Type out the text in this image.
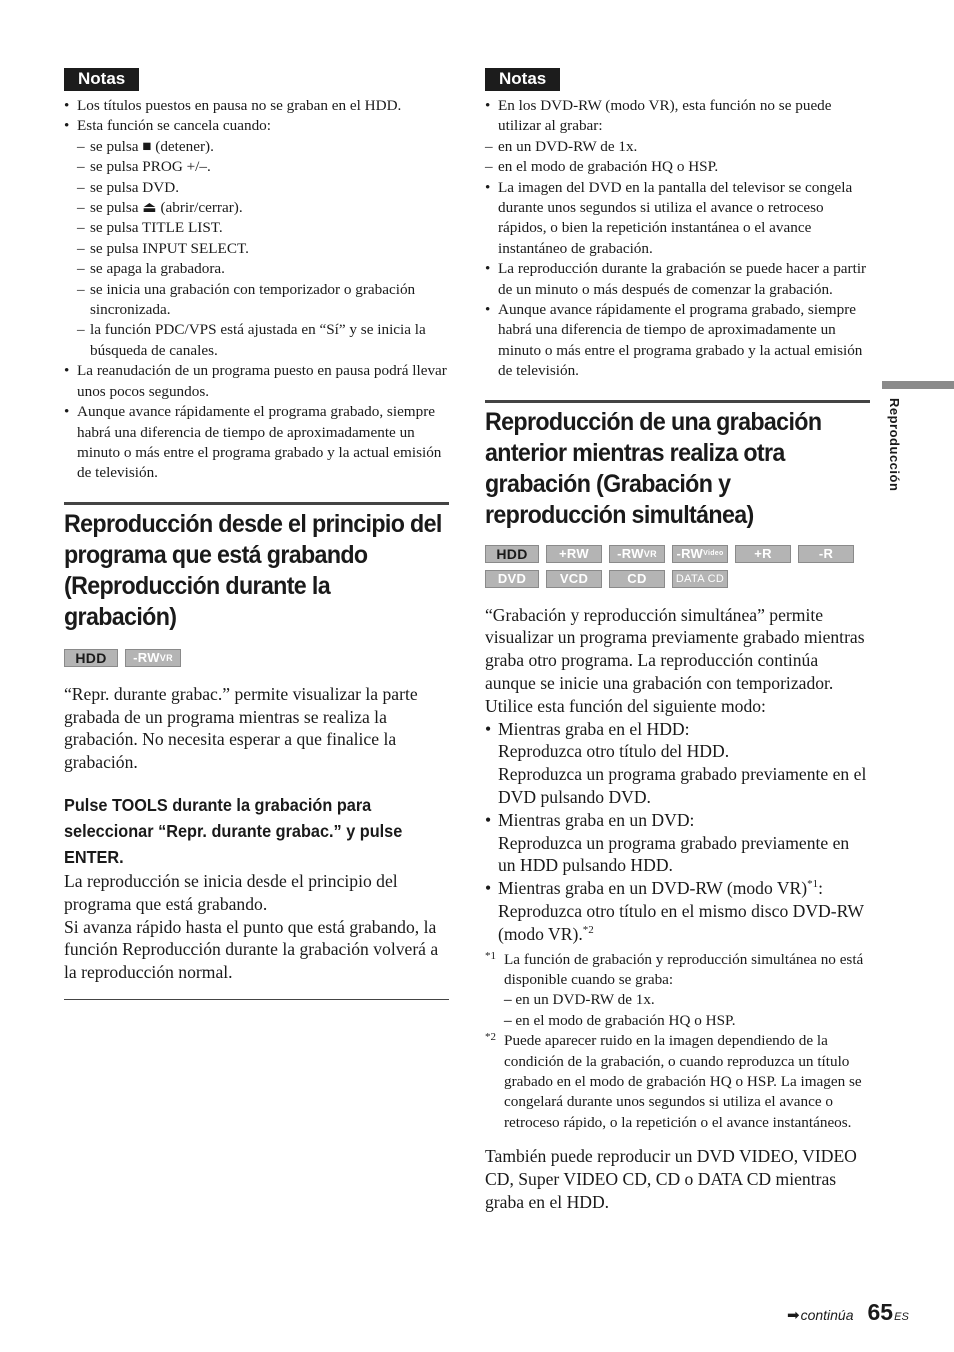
Notas
• Los títulos puestos en pausa no se graban en el HDD.
• Esta función se cancela cuando:
– se pulsa ■ (detener).
– se pulsa PROG +/–.
– se pulsa DVD.
– se pulsa ⏏ (abrir/cerrar).
– se pulsa TITLE LIST.
– se pulsa INPUT SELECT.
– se apaga la grabadora.
– se inicia una grabación con temporizador o grabación sincronizada.
– la función PDC/VPS está ajustada en “Sí” y se inicia la búsqueda de canales.
• La reanudación de un programa puesto en pausa podrá llevar unos pocos segundos.
• Aunque avance rápidamente el programa grabado, siempre habrá una diferencia de tiempo de aproximadamente un minuto o más entre el programa grabado y la actual emisión de televisión.
Reproducción desde el principio del programa que está grabando (Reproducción durante la grabación)
HDD	-RW VR

“Repr. durante grabac.” permite visualizar la parte grabada de un programa mientras se realiza la grabación. No necesita esperar a que finalice la grabación.

Pulse TOOLS durante la grabación para seleccionar “Repr. durante grabac.” y pulse ENTER.

La reproducción se inicia desde el principio del programa que está grabando.

Si avanza rápido hasta el punto que está grabando, la función Reproducción durante la grabación volverá a la reproducción normal.

Notas
• En los DVD-RW (modo VR), esta función no se puede utilizar al grabar:
– en un DVD-RW de 1x.
– en el modo de grabación HQ o HSP.
• La imagen del DVD en la pantalla del televisor se congela durante unos segundos si utiliza el avance o retroceso rápidos, o bien la repetición instantánea o el avance instantáneo de grabación.
• La reproducción durante la grabación se puede hacer a partir de un minuto o más después de comenzar la grabación.
• Aunque avance rápidamente el programa grabado, siempre habrá una diferencia de tiempo de aproximadamente un minuto o más entre el programa grabado y la actual emisión de televisión.
Reproducción de una grabación anterior mientras realiza otra grabación (Grabación y reproducción simultánea)
HDD	+RW	-RW VR -RW Video	+R	-R
DVD	VCD	CD	DATA CD

“Grabación y reproducción simultánea” permite visualizar un programa previamente grabado mientras graba otro programa. La reproducción continúa aunque se inicie una grabación con temporizador. Utilice esta función del siguiente modo:

• Mientras graba en el HDD:
Reproduzca otro título del HDD.
Reproduzca un programa grabado previamente en el DVD pulsando DVD.
• Mientras graba en un DVD:
Reproduzca un programa grabado previamente en un HDD pulsando HDD.
• Mientras graba en un DVD-RW (modo VR)$^{*1}$:
Reproduzca otro título en el mismo disco DVD-RW (modo VR).$^{*2}$
*1 La función de grabación y reproducción simultánea no está disponible cuando se graba:
– – en un DVD-RW de 1x.
– – en el modo de grabación HQ o HSP.
*2 Puede aparecer ruido en la imagen dependiendo de la condición de la grabación, o cuando reproduzca un título grabado en el modo de grabación HQ o HSP. La imagen se congelará durante unos segundos si utiliza el avance o retroceso rápido, o la repetición o el avance instantáneos.

También puede reproducir un DVD VIDEO, VIDEO CD, Super VIDEO CD, CD o DATA CD mientras graba en el HDD.

Reproducción
➡ continúa 65 ES
